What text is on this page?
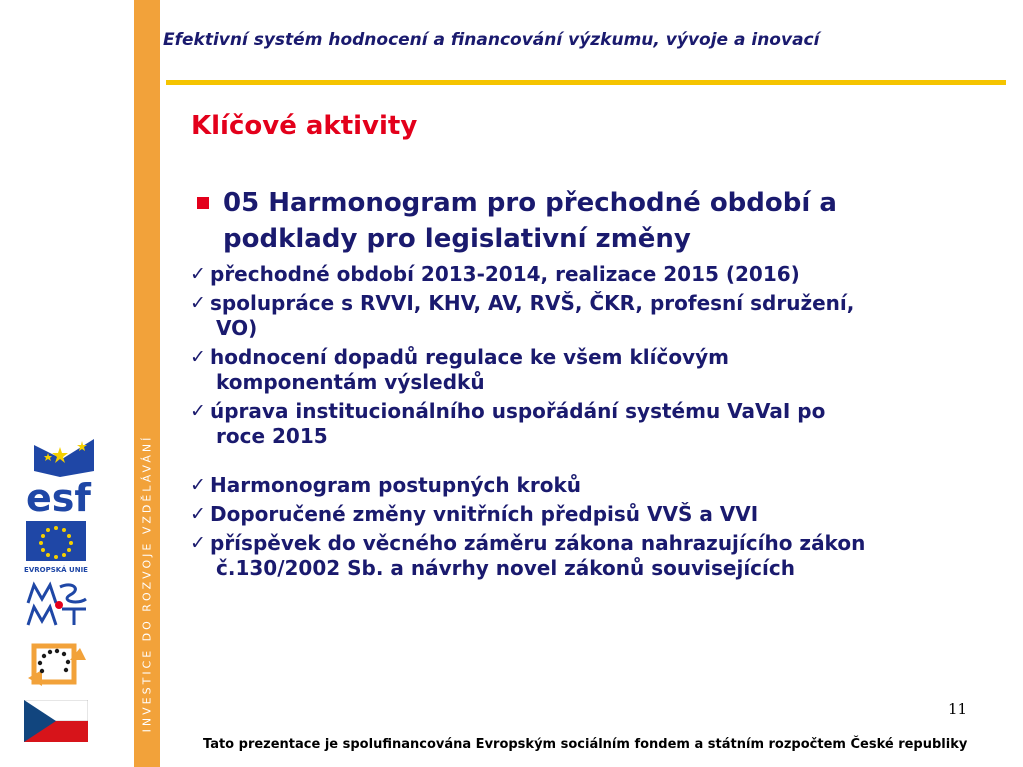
INVESTICE DO ROZVOJE VZDĚLÁVÁNÍ
Efektivní systém hodnocení a financování výzkumu, vývoje a inovací
Klíčové aktivity
05 Harmonogram pro přechodné období a podklady pro legislativní změny
✓ přechodné období 2013-2014, realizace 2015 (2016)
✓ spolupráce s RVVI, KHV, AV, RVŠ, ČKR, profesní sdružení,
VO)
✓ hodnocení dopadů regulace ke všem klíčovým
komponentám výsledků
✓ úprava institucionálního uspořádání systému VaVaI po
roce 2015
✓ Harmonogram postupných kroků
✓ Doporučené změny vnitřních předpisů VVŠ a VVI
✓ příspěvek do věcného záměru zákona nahrazujícího zákon
č.130/2002 Sb. a návrhy novel zákonů souvisejících
esf
EVROPSKÁ UNIE
11
Tato prezentace je spolufinancována Evropským sociálním fondem a státním rozpočtem České republiky
